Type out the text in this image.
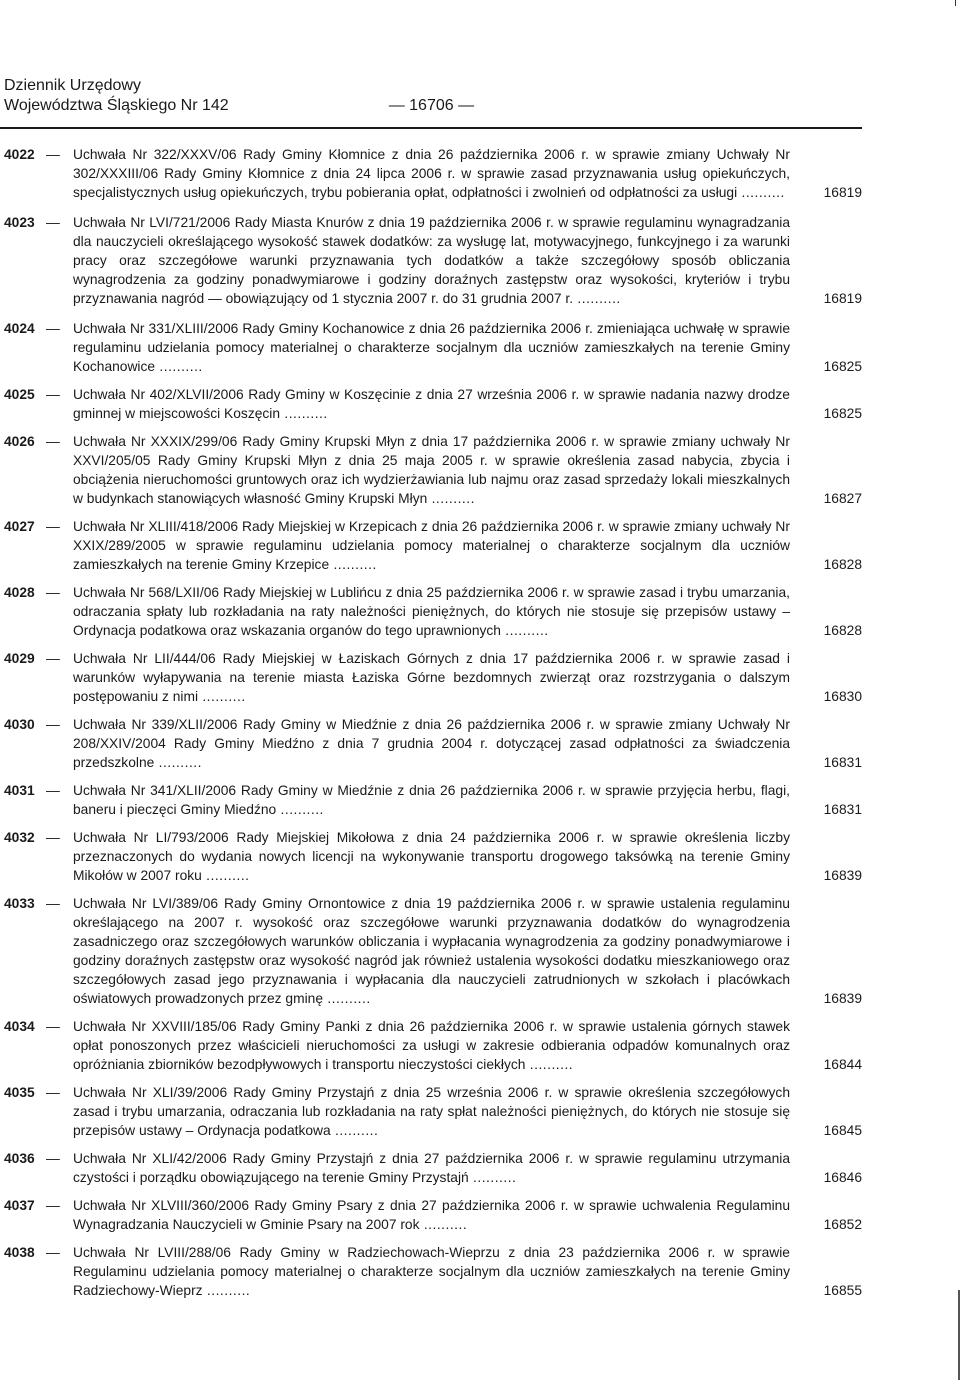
Dziennik Urzędowy
Województwa Śląskiego Nr 142	— 16706 —
4022 — Uchwała Nr 322/XXXV/06 Rady Gminy Kłomnice z dnia 26 października 2006 r. w sprawie zmiany Uchwały Nr 302/XXXIII/06 Rady Gminy Kłomnice z dnia 24 lipca 2006 r. w sprawie zasad przyznawania usług opiekuńczych, specjalistycznych usług opiekuńczych, trybu pobierania opłat, odpłatności i zwolnień od odpłatności za usługi ..........	16819
4023 — Uchwała Nr LVI/721/2006 Rady Miasta Knurów z dnia 19 października 2006 r. w sprawie regulaminu wynagradzania dla nauczycieli określającego wysokość stawek dodatków: za wysługę lat, motywacyjnego, funkcyjnego i za warunki pracy oraz szczegółowe warunki przyznawania tych dodatków a także szczegółowy sposób obliczania wynagrodzenia za godziny ponadwymiarowe i godziny doraźnych zastępstw oraz wysokości, kryteriów i trybu przyznawania nagród — obowiązujący od 1 stycznia 2007 r. do 31 grudnia 2007 r. ..........	16819
4024 — Uchwała Nr 331/XLIII/2006 Rady Gminy Kochanowice z dnia 26 października 2006 r. zmieniająca uchwałę w sprawie regulaminu udzielania pomocy materialnej o charakterze socjalnym dla uczniów zamieszkałych na terenie Gminy Kochanowice ..........	16825
4025 — Uchwała Nr 402/XLVII/2006 Rady Gminy w Koszęcinie z dnia 27 września 2006 r. w sprawie nadania nazwy drodze gminnej w miejscowości Koszęcin ..........	16825
4026 — Uchwała Nr XXXIX/299/06 Rady Gminy Krupski Młyn z dnia 17 października 2006 r. w sprawie zmiany uchwały Nr XXVI/205/05 Rady Gminy Krupski Młyn z dnia 25 maja 2005 r. w sprawie określenia zasad nabycia, zbycia i obciążenia nieruchomości gruntowych oraz ich wydzierżawiania lub najmu oraz zasad sprzedaży lokali mieszkalnych w budynkach stanowiących własność Gminy Krupski Młyn ..........	16827
4027 — Uchwała Nr XLIII/418/2006 Rady Miejskiej w Krzepicach z dnia 26 października 2006 r. w sprawie zmiany uchwały Nr XXIX/289/2005 w sprawie regulaminu udzielania pomocy materialnej o charakterze socjalnym dla uczniów zamieszkałych na terenie Gminy Krzepice ..........	16828
4028 — Uchwała Nr 568/LXII/06 Rady Miejskiej w Lublińcu z dnia 25 października 2006 r. w sprawie zasad i trybu umarzania, odraczania spłaty lub rozkładania na raty należności pieniężnych, do których nie stosuje się przepisów ustawy – Ordynacja podatkowa oraz wskazania organów do tego uprawnionych ..........	16828
4029 — Uchwała Nr LII/444/06 Rady Miejskiej w Łaziskach Górnych z dnia 17 października 2006 r. w sprawie zasad i warunków wyłapywania na terenie miasta Łaziska Górne bezdomnych zwierząt oraz rozstrzygania o dalszym postępowaniu z nimi ..........	16830
4030 — Uchwała Nr 339/XLII/2006 Rady Gminy w Miedźnie z dnia 26 października 2006 r. w sprawie zmiany Uchwały Nr 208/XXIV/2004 Rady Gminy Miedźno z dnia 7 grudnia 2004 r. dotyczącej zasad odpłatności za świadczenia przedszkolne ..........	16831
4031 — Uchwała Nr 341/XLII/2006 Rady Gminy w Miedźnie z dnia 26 października 2006 r. w sprawie przyjęcia herbu, flagi, baneru i pieczęci Gminy Miedźno ..........	16831
4032 — Uchwała Nr LI/793/2006 Rady Miejskiej Mikołowa z dnia 24 października 2006 r. w sprawie określenia liczby przeznaczonych do wydania nowych licencji na wykonywanie transportu drogowego taksówką na terenie Gminy Mikołów w 2007 roku ..........	16839
4033 — Uchwała Nr LVI/389/06 Rady Gminy Ornontowice z dnia 19 października 2006 r. w sprawie ustalenia regulaminu określającego na 2007 r. wysokość oraz szczegółowe warunki przyznawania dodatków do wynagrodzenia zasadniczego oraz szczegółowych warunków obliczania i wypłacania wynagrodzenia za godziny ponadwymiarowe i godziny doraźnych zastępstw oraz wysokość nagród jak również ustalenia wysokości dodatku mieszkaniowego oraz szczegółowych zasad jego przyznawania i wypłacania dla nauczycieli zatrudnionych w szkołach i placówkach oświatowych prowadzonych przez gminę ..........	16839
4034 — Uchwała Nr XXVIII/185/06 Rady Gminy Panki z dnia 26 października 2006 r. w sprawie ustalenia górnych stawek opłat ponoszonych przez właścicieli nieruchomości za usługi w zakresie odbierania odpadów komunalnych oraz opróżniania zbiorników bezodpływowych i transportu nieczystości ciekłych ..........	16844
4035 — Uchwała Nr XLI/39/2006 Rady Gminy Przystajń z dnia 25 września 2006 r. w sprawie określenia szczegółowych zasad i trybu umarzania, odraczania lub rozkładania na raty spłat należności pieniężnych, do których nie stosuje się przepisów ustawy – Ordynacja podatkowa ..........	16845
4036 — Uchwała Nr XLI/42/2006 Rady Gminy Przystajń z dnia 27 października 2006 r. w sprawie regulaminu utrzymania czystości i porządku obowiązującego na terenie Gminy Przystajń ..........	16846
4037 — Uchwała Nr XLVIII/360/2006 Rady Gminy Psary z dnia 27 października 2006 r. w sprawie uchwalenia Regulaminu Wynagradzania Nauczycieli w Gminie Psary na 2007 rok ..........	16852
4038 — Uchwała Nr LVIII/288/06 Rady Gminy w Radziechowach-Wieprzu z dnia 23 października 2006 r. w sprawie Regulaminu udzielania pomocy materialnej o charakterze socjalnym dla uczniów zamieszkałych na terenie Gminy Radziechowy-Wieprz ..........	16855
